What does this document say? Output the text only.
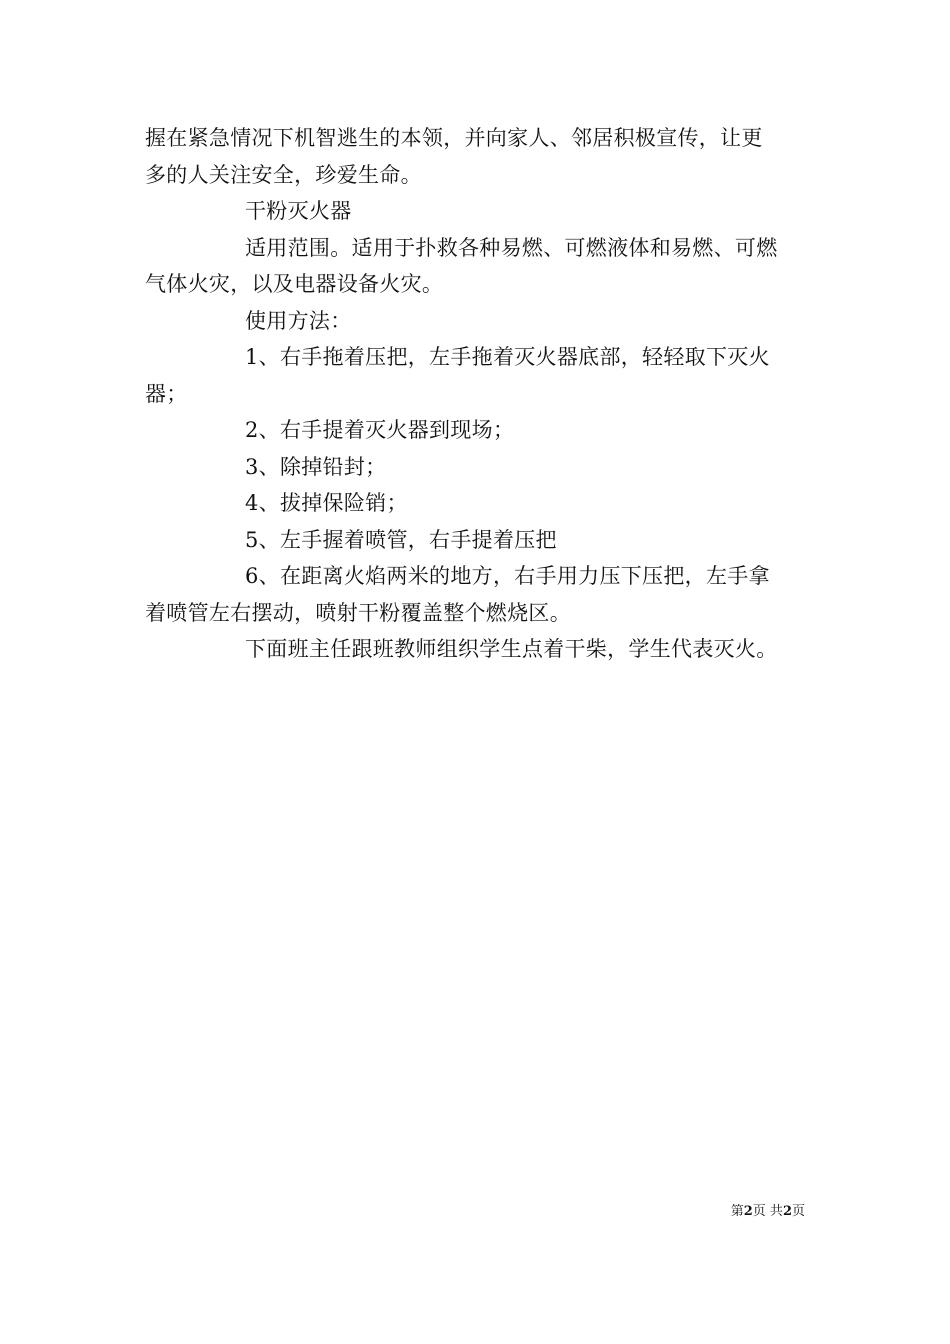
握在紧急情况下机智逃生的本领，并向家人、邻居积极宣传，让更
多的人关注安全，珍爱生命。
干粉灭火器
适用范围。适用于扑救各种易燃、可燃液体和易燃、可燃
气体火灾，以及电器设备火灾。
使用方法：
1、右手拖着压把，左手拖着灭火器底部，轻轻取下灭火
器；
2、右手提着灭火器到现场；
3、除掉铅封；
4、拔掉保险销；
5、左手握着喷管，右手提着压把
6、在距离火焰两米的地方，右手用力压下压把，左手拿
着喷管左右摆动，喷射干粉覆盖整个燃烧区。
下面班主任跟班教师组织学生点着干柴，学生代表灭火。
第2页 共2页
